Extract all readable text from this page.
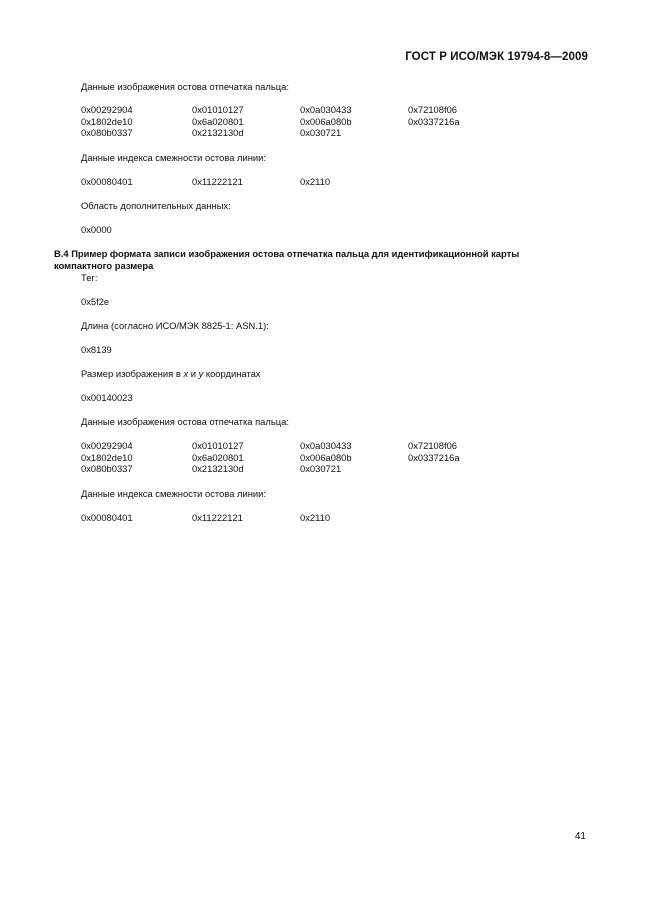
ГОСТ Р ИСО/МЭК 19794-8—2009
Данные изображения остова отпечатка пальца:
0x00292904	0x01010127	0x0a030433	0x72108f06
0x1802de10	0x6a020801	0x006a080b	0x0337216a
0x080b0337	0x2132130d	0x030721
Данные индекса смежности остова линии:
0x00080401	0x11222121	0x2110
Область дополнительных данных:
0x0000
В.4 Пример формата записи изображения остова отпечатка пальца для идентификационной карты
компактного размера
Тег:
0x5f2e
Длина (согласно ИСО/МЭК 8825-1: ASN.1):
0x8139
Размер изображения в x и y координатах
0x00140023
Данные изображения остова отпечатка пальца:
0x00292904	0x01010127	0x0a030433	0x72108f06
0x1802de10	0x6a020801	0x006a080b	0x0337216a
0x080b0337	0x2132130d	0x030721
Данные индекса смежности остова линии:
0x00080401	0x11222121	0x2110
41
